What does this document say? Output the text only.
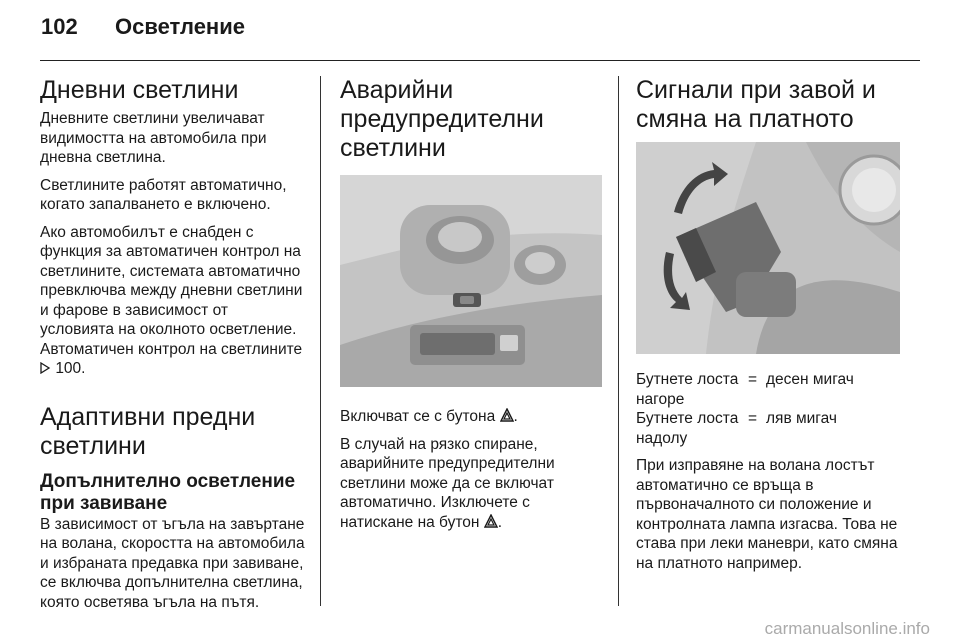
102 Осветление
Дневни светлини

Дневните светлини увеличават видимостта на автомобила при дневна светлина.

Светлините работят автоматично, когато запалването е включено.

Ако автомобилът е снабден с функция за автоматичен контрол на светлините, системата автоматично превключва между дневни светлини и фарове в зависимост от условията на околното осветление.

Автоматичен контрол на светлините  100.

Адаптивни предни светлини
Допълнително осветление при завиване

В зависимост от ъгъла на завъртане на волана, скоростта на автомобила и избраната предавка при завиване, се включва допълнителна светлина, която осветява ъгъла на пътя.

Аварийни предупредителни светлини

Включват се с бутона .

В случай на рязко спиране, аварийните предупредителни светлини може да се включат автоматично. Изключете с натискане на бутон .

Сигнали при завой и смяна на платното
Бутнете лоста нагоре
= десен мигач
Бутнете лоста надолу
= ляв мигач

При изправяне на волана лостът автоматично се връща в първоначалното си положение и контролната лампа изгасва. Това не става при леки маневри, като смяна на платното например.

carmanualsonline.info
